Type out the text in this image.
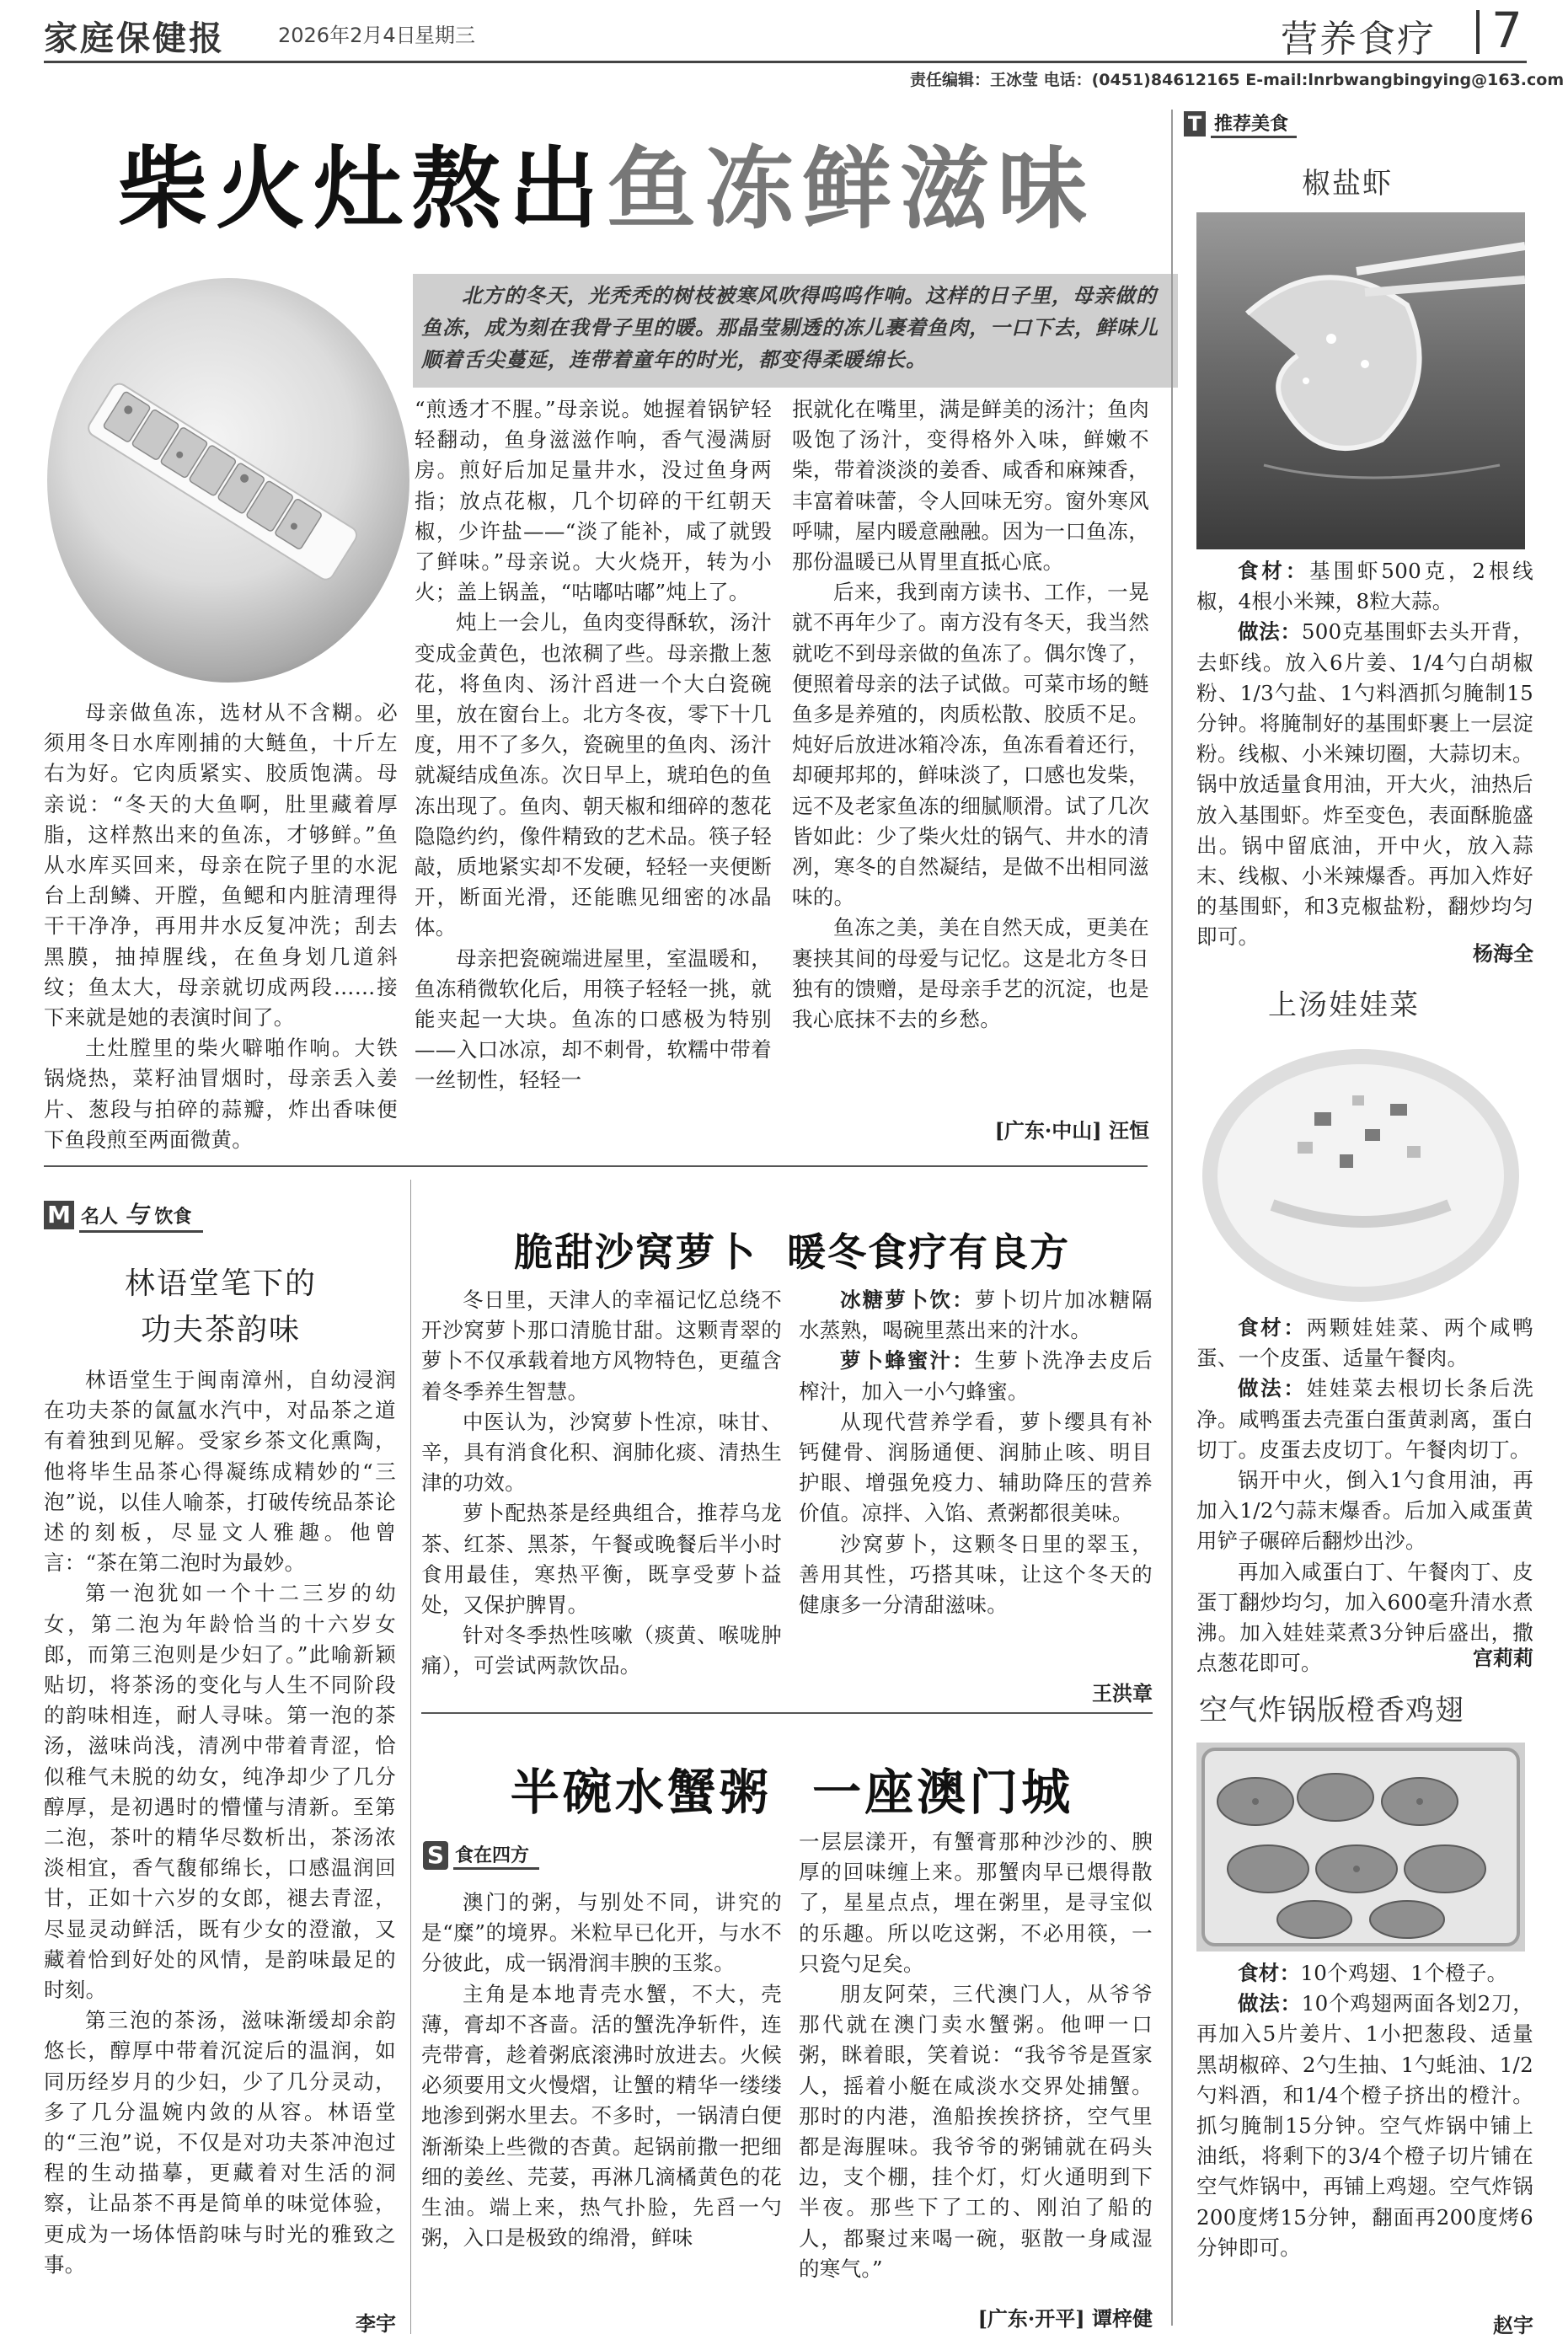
家庭保健报	2026年2月4日
星期三	营养食疗 7
责任编辑：王冰莹 电话：(0451)84612165 E-mail:lnrbwangbingying@163.com
柴火灶熬出鱼冻鲜滋味
北方的冬天，光秃秃的树枝被寒风吹得呜呜作响。这样的日子里，母亲做的鱼冻，成为刻在我骨子里的暖。那晶莹剔透的冻儿裹着鱼肉，一口下去，鲜味儿顺着舌尖蔓延，连带着童年的时光，都变得柔暖绵长。

母亲做鱼冻，选材从不含糊。必须用冬日水库刚捕的大鲢鱼，十斤左右为好。它肉质紧实、胶质饱满。母亲说：“冬天的大鱼啊，肚里藏着厚脂，这样熬出来的鱼冻，才够鲜。”鱼从水库买回来，母亲在院子里的水泥台上刮鳞、开膛，鱼鳃和内脏清理得干干净净，再用井水反复冲洗；刮去黑膜，抽掉腥线，在鱼身划几道斜纹；鱼太大，母亲就切成两段……接下来就是她的表演时间了。

土灶膛里的柴火噼啪作响。大铁锅烧热，菜籽油冒烟时，母亲丢入姜片、葱段与拍碎的蒜瓣，炸出香味便下鱼段煎至两面微黄。

“煎透才不腥。”母亲说。她握着锅铲轻轻翻动，鱼身滋滋作响，香气漫满厨房。煎好后加足量井水，没过鱼身两指；放点花椒，几个切碎的干红朝天椒，少许盐——“淡了能补，咸了就毁了鲜味。”母亲说。大火烧开，转为小火；盖上锅盖，“咕嘟咕嘟”炖上了。

炖上一会儿，鱼肉变得酥软，汤汁变成金黄色，也浓稠了些。母亲撒上葱花，将鱼肉、汤汁舀进一个大白瓷碗里，放在窗台上。北方冬夜，零下十几度，用不了多久，瓷碗里的鱼肉、汤汁就凝结成鱼冻。次日早上，琥珀色的鱼冻出现了。鱼肉、朝天椒和细碎的葱花隐隐约约，像件精致的艺术品。筷子轻敲，质地紧实却不发硬，轻轻一夹便断开，断面光滑，还能瞧见细密的冰晶体。

母亲把瓷碗端进屋里，室温暖和，鱼冻稍微软化后，用筷子轻轻一挑，就能夹起一大块。鱼冻的口感极为特别——入口冰凉，却不刺骨，软糯中带着一丝韧性，轻轻一

抿就化在嘴里，满是鲜美的汤汁；鱼肉吸饱了汤汁，变得格外入味，鲜嫩不柴，带着淡淡的姜香、咸香和麻辣香，丰富着味蕾，令人回味无穷。窗外寒风呼啸，屋内暖意融融。因为一口鱼冻，那份温暖已从胃里直抵心底。

后来，我到南方读书、工作，一晃就不再年少了。南方没有冬天，我当然就吃不到母亲做的鱼冻了。偶尔馋了，便照着母亲的法子试做。可菜市场的鲢鱼多是养殖的，肉质松散、胶质不足。炖好后放进冰箱冷冻，鱼冻看着还行，却硬邦邦的，鲜味淡了，口感也发柴，远不及老家鱼冻的细腻顺滑。试了几次皆如此：少了柴火灶的锅气、井水的清冽，寒冬的自然凝结，是做不出相同滋味的。

鱼冻之美，美在自然天成，更美在裹挟其间的母爱与记忆。这是北方冬日独有的馈赠，是母亲手艺的沉淀，也是我心底抹不去的乡愁。

[广东·中山] 汪恒
T 推荐美食
椒盐虾

食材：基围虾500克，2根线椒，4根小米辣，8粒大蒜。

做法：500克基围虾去头开背，去虾线。放入6片姜、1/4勺白胡椒粉、1/3勺盐、1勺料酒抓匀腌制15分钟。将腌制好的基围虾裹上一层淀粉。线椒、小米辣切圈，大蒜切末。锅中放适量食用油，开大火，油热后放入基围虾。炸至变色，表面酥脆盛出。锅中留底油，开中火，放入蒜末、线椒、小米辣爆香。再加入炸好的基围虾，和3克椒盐粉，翻炒均匀即可。

杨海全
上汤娃娃菜

食材：两颗娃娃菜、两个咸鸭蛋、一个皮蛋、适量午餐肉。

做法：娃娃菜去根切长条后洗净。咸鸭蛋去壳蛋白蛋黄剥离，蛋白切丁。皮蛋去皮切丁。午餐肉切丁。

锅开中火，倒入1勺食用油，再加入1/2勺蒜末爆香。后加入咸蛋黄用铲子碾碎后翻炒出沙。

再加入咸蛋白丁、午餐肉丁、皮蛋丁翻炒均匀，加入600毫升清水煮沸。加入娃娃菜煮3分钟后盛出，撒点葱花即可。	宫莉莉
空气炸锅版橙香鸡翅

食材：10个鸡翅、1个橙子。

做法：10个鸡翅两面各划2刀，再加入5片姜片、1小把葱段、适量黑胡椒碎、2勺生抽、1勺蚝油、1/2勺料酒，和1/4个橙子挤出的橙汁。抓匀腌制15分钟。空气炸锅中铺上油纸，将剩下的3/4个橙子切片铺在空气炸锅中，再铺上鸡翅。空气炸锅200度烤15分钟，翻面再200度烤6分钟即可。

赵宇
M 名人 与 饮食
林语堂笔下的
功夫茶韵味

林语堂生于闽南漳州，自幼浸润在功夫茶的氤氲水汽中，对品茶之道有着独到见解。受家乡茶文化熏陶，他将毕生品茶心得凝练成精妙的“三泡”说，以佳人喻茶，打破传统品茶论述的刻板，尽显文人雅趣。他曾言：“茶在第二泡时为最妙。

第一泡犹如一个十二三岁的幼女，第二泡为年龄恰当的十六岁女郎，而第三泡则是少妇了。”此喻新颖贴切，将茶汤的变化与人生不同阶段的韵味相连，耐人寻味。第一泡的茶汤，滋味尚浅，清冽中带着青涩，恰似稚气未脱的幼女，纯净却少了几分醇厚，是初遇时的懵懂与清新。至第二泡，茶叶的精华尽数析出，茶汤浓淡相宜，香气馥郁绵长，口感温润回甘，正如十六岁的女郎，褪去青涩，尽显灵动鲜活，既有少女的澄澈，又藏着恰到好处的风情，是韵味最足的时刻。

第三泡的茶汤，滋味渐缓却余韵悠长，醇厚中带着沉淀后的温润，如同历经岁月的少妇，少了几分灵动，多了几分温婉内敛的从容。林语堂的“三泡”说，不仅是对功夫茶冲泡过程的生动描摹，更藏着对生活的洞察，让品茶不再是简单的味觉体验，更成为一场体悟韵味与时光的雅致之事。

李宇
脆甜沙窝萝卜  暖冬食疗有良方

冬日里，天津人的幸福记忆总绕不开沙窝萝卜那口清脆甘甜。这颗青翠的萝卜不仅承载着地方风物特色，更蕴含着冬季养生智慧。

中医认为，沙窝萝卜性凉，味甘、辛，具有消食化积、润肺化痰、清热生津的功效。

萝卜配热茶是经典组合，推荐乌龙茶、红茶、黑茶，午餐或晚餐后半小时食用最佳，寒热平衡，既享受萝卜益处，又保护脾胃。

针对冬季热性咳嗽（痰黄、喉咙肿痛），可尝试两款饮品。

冰糖萝卜饮：萝卜切片加冰糖隔水蒸熟，喝碗里蒸出来的汁水。

萝卜蜂蜜汁：生萝卜洗净去皮后榨汁，加入一小勺蜂蜜。

从现代营养学看，萝卜缨具有补钙健骨、润肠通便、润肺止咳、明目护眼、增强免疫力、辅助降压的营养价值。凉拌、入馅、煮粥都很美味。

沙窝萝卜，这颗冬日里的翠玉，善用其性，巧搭其味，让这个冬天的健康多一分清甜滋味。

王洪章
半碗水蟹粥  一座澳门城
S 食在四方

澳门的粥，与别处不同，讲究的是“糜”的境界。米粒早已化开，与水不分彼此，成一锅滑润丰腴的玉浆。

主角是本地青壳水蟹，不大，壳薄，膏却不吝啬。活的蟹洗净斩件，连壳带膏，趁着粥底滚沸时放进去。火候必须要用文火慢熠，让蟹的精华一缕缕地渗到粥水里去。不多时，一锅清白便渐渐染上些微的杏黄。起锅前撒一把细细的姜丝、芫荽，再淋几滴橘黄色的花生油。端上来，热气扑脸，先舀一勺粥，入口是极致的绵滑，鲜味

一层层漾开，有蟹膏那种沙沙的、腴厚的回味缠上来。那蟹肉早已煨得散了，星星点点，埋在粥里，是寻宝似的乐趣。所以吃这粥，不必用筷，一只瓷勺足矣。

朋友阿荣，三代澳门人，从爷爷那代就在澳门卖水蟹粥。他呷一口粥，眯着眼，笑着说：“我爷爷是疍家人，摇着小艇在咸淡水交界处捕蟹。那时的内港，渔船挨挨挤挤，空气里都是海腥味。我爷爷的粥铺就在码头边，支个棚，挂个灯，灯火通明到下半夜。那些下了工的、刚泊了船的人，都聚过来喝一碗，驱散一身咸湿的寒气。”

[广东·开平] 谭梓健
